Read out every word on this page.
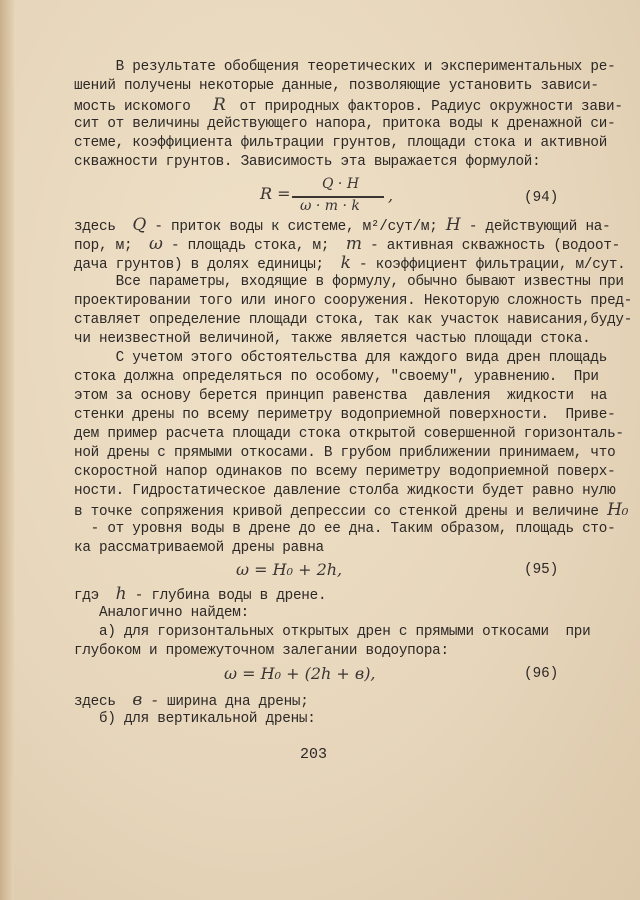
В результате обобщения теоретических и экспериментальных ре-
шений получены некоторые данные, позволяющие установить зависи-
мость искомого R от природных факторов. Радиус окружности зави-
сит от величины действующего напора, притока воды к дренажной си-
стеме, коэффициента фильтрации грунтов, площади стока и активной
скважности грунтов. Зависимость эта выражается формулой:
R = Q · H
ω · m · k
,	(94)
здесь Q - приток воды к системе, м²/сут/м; H - действующий на-
пор, м; ω - площадь стока, м; m - активная скважность (водоот-
дача грунтов) в долях единицы; k - коэффициент фильтрации, м/сут.
Все параметры, входящие в формулу, обычно бывают известны при
проектировании того или иного сооружения. Некоторую сложность пред-
ставляет определение площади стока, так как участок нависания,буду-
чи неизвестной величиной, также является частью площади стока.
С учетом этого обстоятельства для каждого вида дрен площадь
стока должна определяться по особому, "своему", уравнению.  При
этом за основу берется принцип равенства  давления  жидкости  на
стенки дрены по всему периметру водоприемной поверхности.  Приве-
дем пример расчета площади стока открытой совершенной горизонталь-
ной дрены с прямыми откосами. В грубом приближении принимаем, что
скоростной напор одинаков по всему периметру водоприемной поверх-
ности. Гидростатическое давление столба жидкости будет равно нулю
в точке сопряжения кривой депрессии со стенкой дрены и величине H₀
- от уровня воды в дрене до ее дна. Таким образом, площадь сто-
ка рассматриваемой дрены равна
ω = H₀ + 2h,	(95)
гдэ h - глубина воды в дрене.
Аналогично найдем:
а) для горизонтальных открытых дрен с прямыми откосами  при
глубоком и промежуточном залегании водоупора:
ω = H₀ + (2h + в),	(96)
здесь в - ширина дна дрены;
б) для вертикальной дрены:
203
